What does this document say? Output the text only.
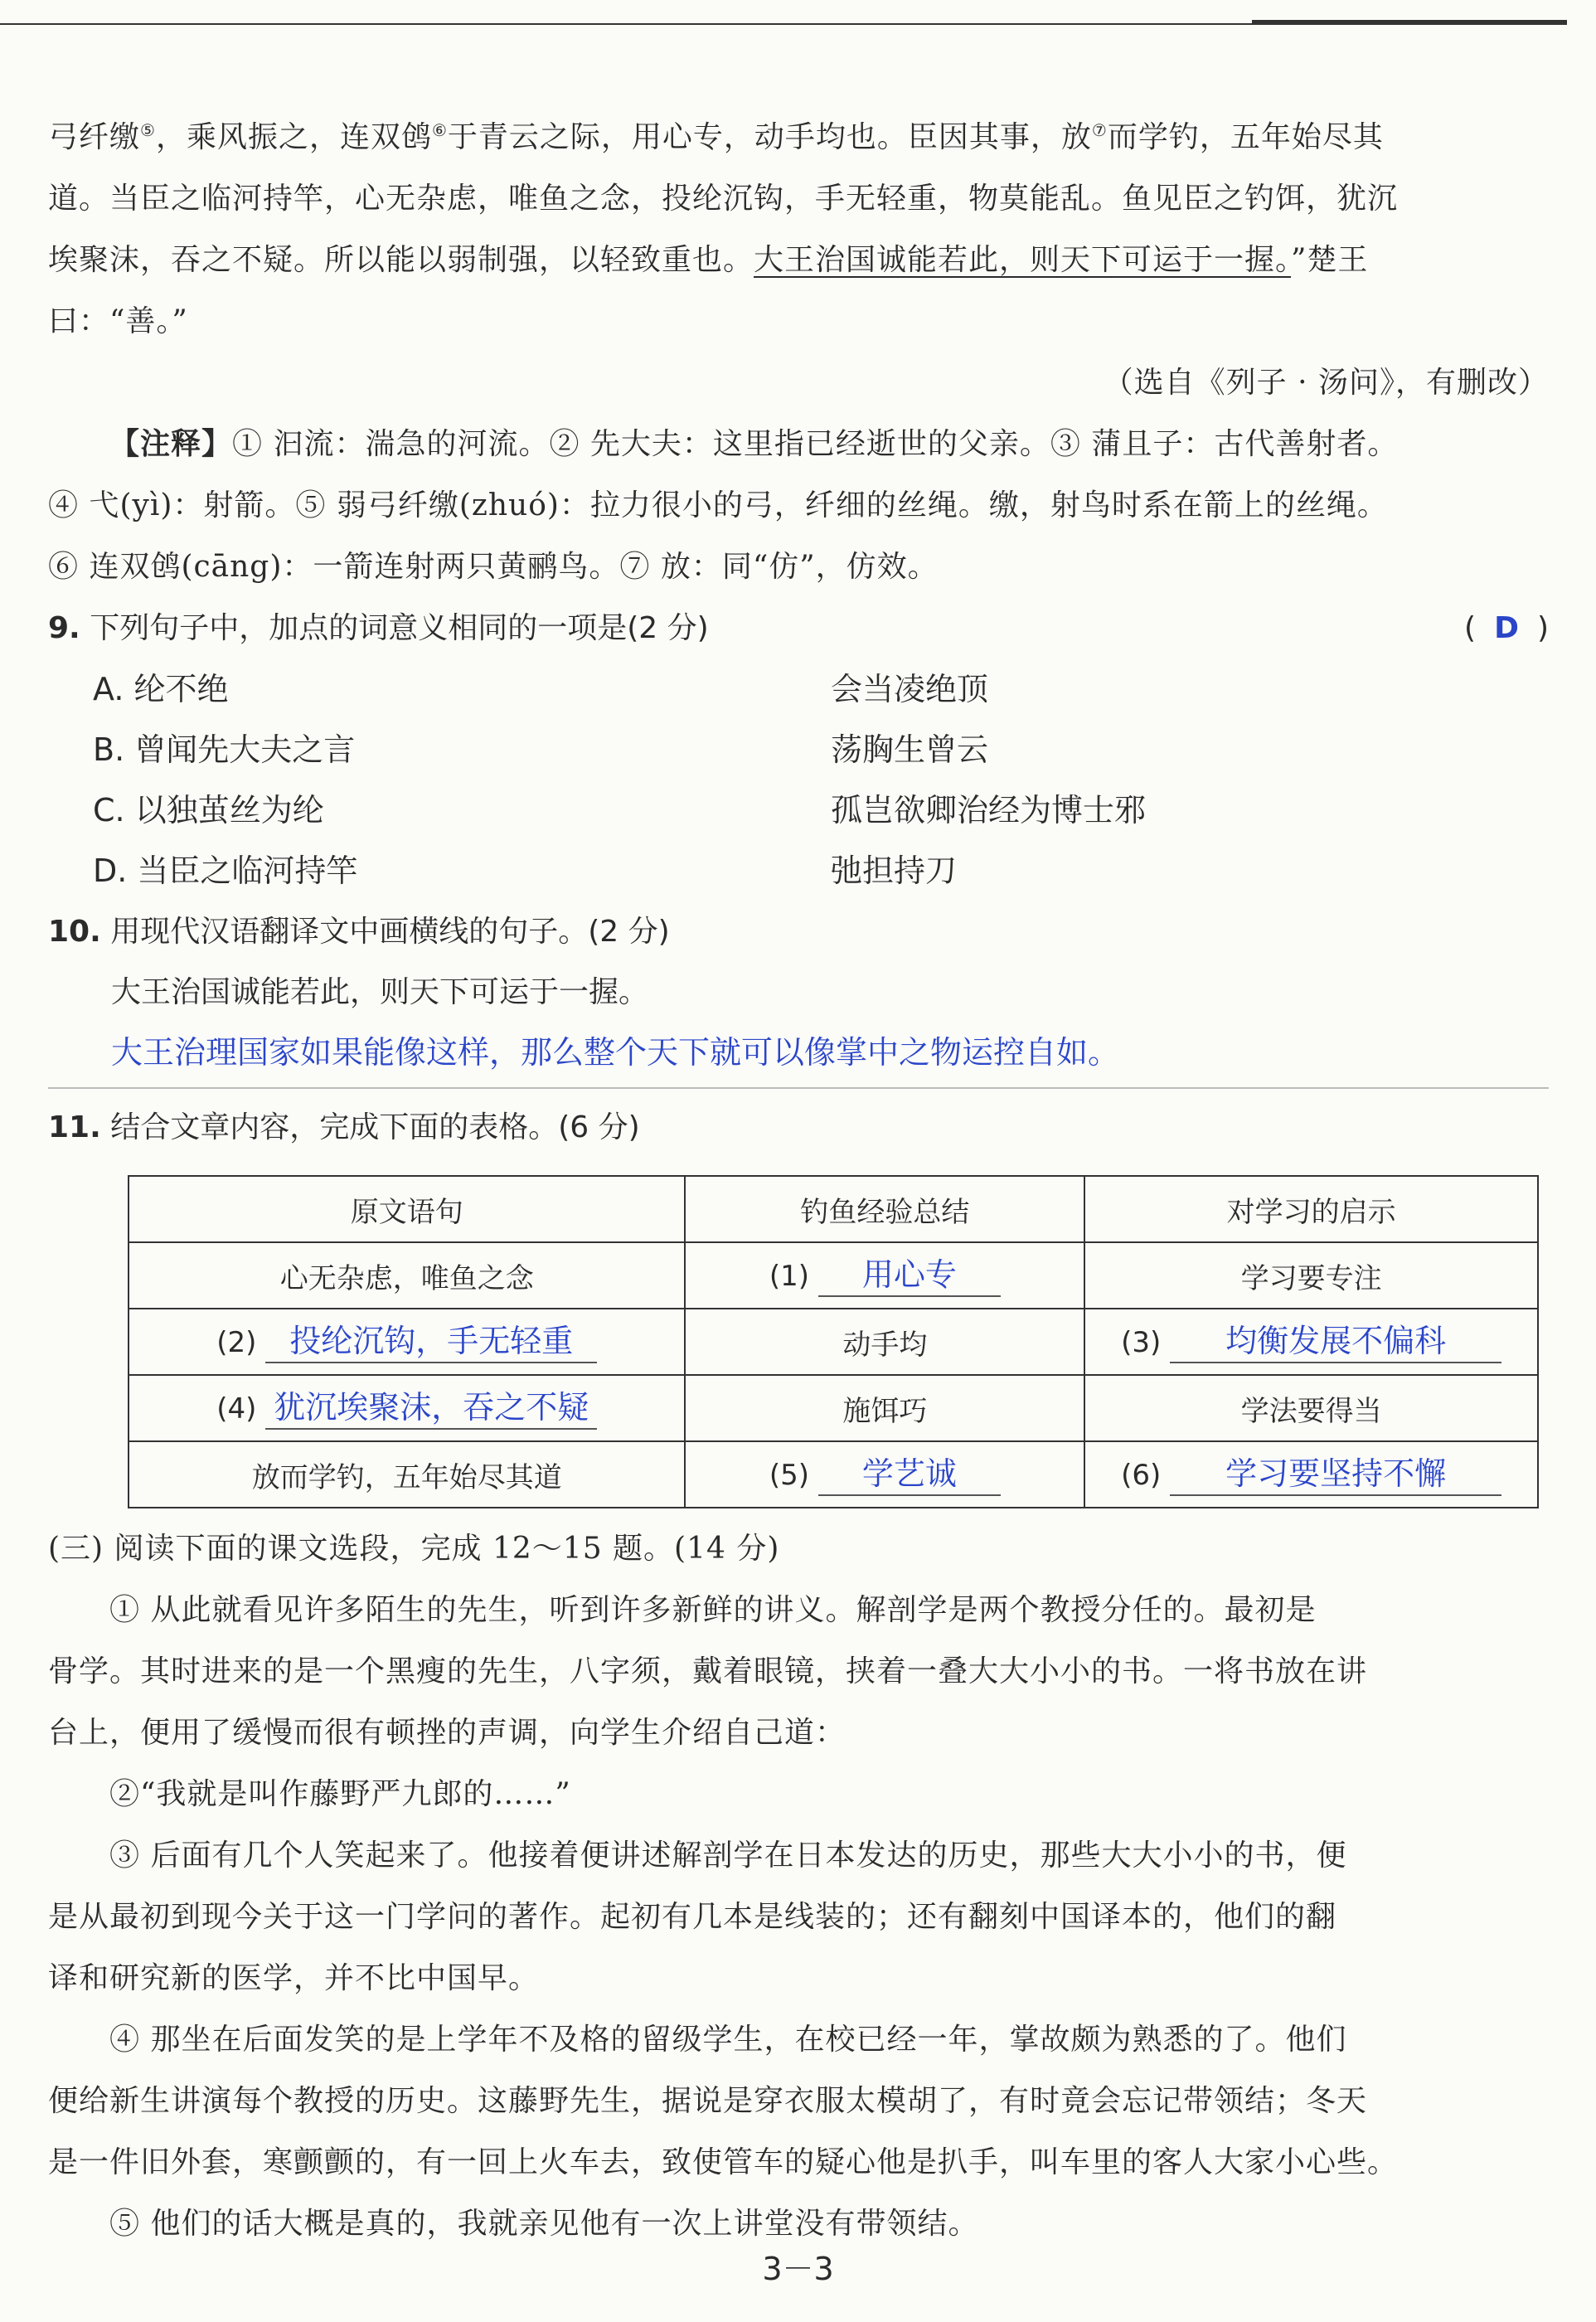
弓纤缴⑤，乘风振之，连双鸧⑥于青云之际，用心专，动手均也。臣因其事，放⑦而学钓，五年始尽其

道。当臣之临河持竿，心无杂虑，唯鱼之念，投纶沉钩，手无轻重，物莫能乱。鱼见臣之钓饵，犹沉

埃聚沫，吞之不疑。所以能以弱制强，以轻致重也。大王治国诚能若此，则天下可运于一握。”楚王

曰：“善。”

（选自《列子 · 汤问》，有删改）

【注释】① 汩流：湍急的河流。② 先大夫：这里指已经逝世的父亲。③ 蒲且子：古代善射者。

④ 弋(yì)：射箭。⑤ 弱弓纤缴(zhuó)：拉力很小的弓，纤细的丝绳。缴，射鸟时系在箭上的丝绳。

⑥ 连双鸧(cāng)：一箭连射两只黄鹂鸟。⑦ 放：同“仿”，仿效。

9. 下列句子中，加点的词意义相同的一项是(2 分)	( D )
A. 纶不绝	会当凌绝顶
B. 曾闻先大夫之言	荡胸生曾云
C. 以独茧丝为纶	孤岂欲卿治经为博士邪
D. 当臣之临河持竿	弛担持刀
10. 用现代汉语翻译文中画横线的句子。(2 分)
大王治国诚能若此，则天下可运于一握。
大王治理国家如果能像这样，那么整个天下就可以像掌中之物运控自如。
11. 结合文章内容，完成下面的表格。(6 分)
原文语句	钓鱼经验总结	对学习的启示
心无杂虑，唯鱼之念	(1) 用心专	学习要专注
(2) 投纶沉钩，手无轻重	动手均	(3) 均衡发展不偏科
(4) 犹沉埃聚沫，吞之不疑	施饵巧	学法要得当
放而学钓，五年始尽其道	(5) 学艺诚	(6) 学习要坚持不懈

(三) 阅读下面的课文选段，完成 12～15 题。(14 分)

① 从此就看见许多陌生的先生，听到许多新鲜的讲义。解剖学是两个教授分任的。最初是

骨学。其时进来的是一个黑瘦的先生，八字须，戴着眼镜，挟着一叠大大小小的书。一将书放在讲

台上，便用了缓慢而很有顿挫的声调，向学生介绍自己道：

②“我就是叫作藤野严九郎的……”

③ 后面有几个人笑起来了。他接着便讲述解剖学在日本发达的历史，那些大大小小的书，便

是从最初到现今关于这一门学问的著作。起初有几本是线装的；还有翻刻中国译本的，他们的翻

译和研究新的医学，并不比中国早。

④ 那坐在后面发笑的是上学年不及格的留级学生，在校已经一年，掌故颇为熟悉的了。他们

便给新生讲演每个教授的历史。这藤野先生，据说是穿衣服太模胡了，有时竟会忘记带领结；冬天

是一件旧外套，寒颤颤的，有一回上火车去，致使管车的疑心他是扒手，叫车里的客人大家小心些。

⑤ 他们的话大概是真的，我就亲见他有一次上讲堂没有带领结。

3－3
